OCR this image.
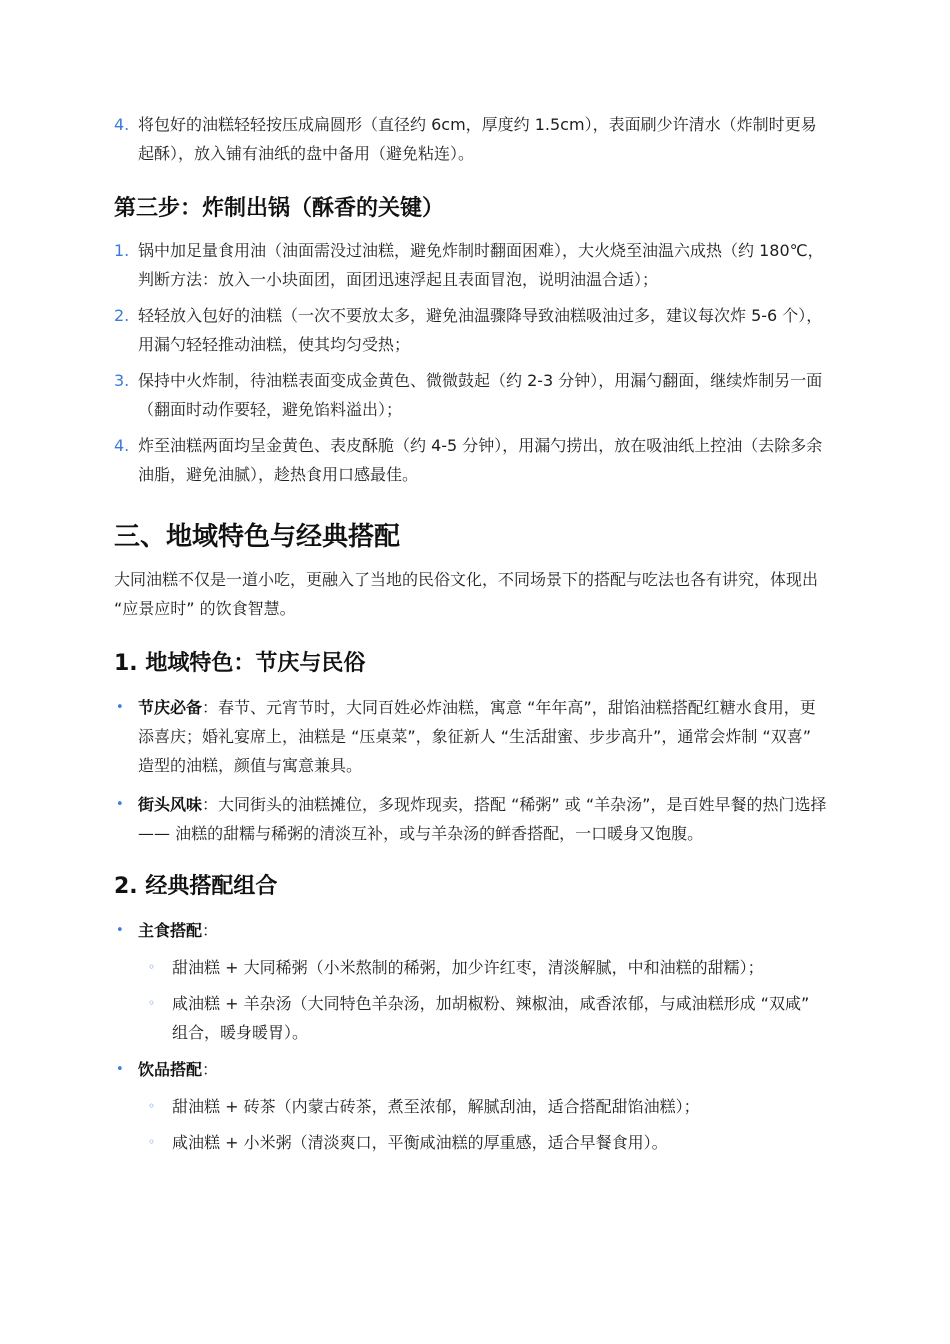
4. 将包好的油糕轻轻按压成扁圆形（直径约 6cm，厚度约 1.5cm），表面刷少许清水（炸制时更易起酥），放入铺有油纸的盘中备用（避免粘连）。
第三步：炸制出锅（酥香的关键）
1. 锅中加足量食用油（油面需没过油糕，避免炸制时翻面困难），大火烧至油温六成热（约 180℃，判断方法：放入一小块面团，面团迅速浮起且表面冒泡，说明油温合适）；
2. 轻轻放入包好的油糕（一次不要放太多，避免油温骤降导致油糕吸油过多，建议每次炸 5-6 个），用漏勺轻轻推动油糕，使其均匀受热；
3. 保持中火炸制，待油糕表面变成金黄色、微微鼓起（约 2-3 分钟），用漏勺翻面，继续炸制另一面（翻面时动作要轻，避免馅料溢出）；
4. 炸至油糕两面均呈金黄色、表皮酥脆（约 4-5 分钟），用漏勺捞出，放在吸油纸上控油（去除多余油脂，避免油腻），趁热食用口感最佳。
三、地域特色与经典搭配

大同油糕不仅是一道小吃，更融入了当地的民俗文化，不同场景下的搭配与吃法也各有讲究，体现出 “应景应时” 的饮食智慧。

1. 地域特色：节庆与民俗
• 节庆必备：春节、元宵节时，大同百姓必炸油糕，寓意 “年年高”，甜馅油糕搭配红糖水食用，更添喜庆；婚礼宴席上，油糕是 “压桌菜”，象征新人 “生活甜蜜、步步高升”，通常会炸制 “双喜” 造型的油糕，颜值与寓意兼具。
• 街头风味：大同街头的油糕摊位，多现炸现卖，搭配 “稀粥” 或 “羊杂汤”，是百姓早餐的热门选择 —— 油糕的甜糯与稀粥的清淡互补，或与羊杂汤的鲜香搭配，一口暖身又饱腹。
2. 经典搭配组合
• 主食搭配：
◦ 甜油糕 + 大同稀粥（小米熬制的稀粥，加少许红枣，清淡解腻，中和油糕的甜糯）；
◦ 咸油糕 + 羊杂汤（大同特色羊杂汤，加胡椒粉、辣椒油，咸香浓郁，与咸油糕形成 “双咸” 组合，暖身暖胃）。
• 饮品搭配：
◦ 甜油糕 + 砖茶（内蒙古砖茶，煮至浓郁，解腻刮油，适合搭配甜馅油糕）；
◦ 咸油糕 + 小米粥（清淡爽口，平衡咸油糕的厚重感，适合早餐食用）。
